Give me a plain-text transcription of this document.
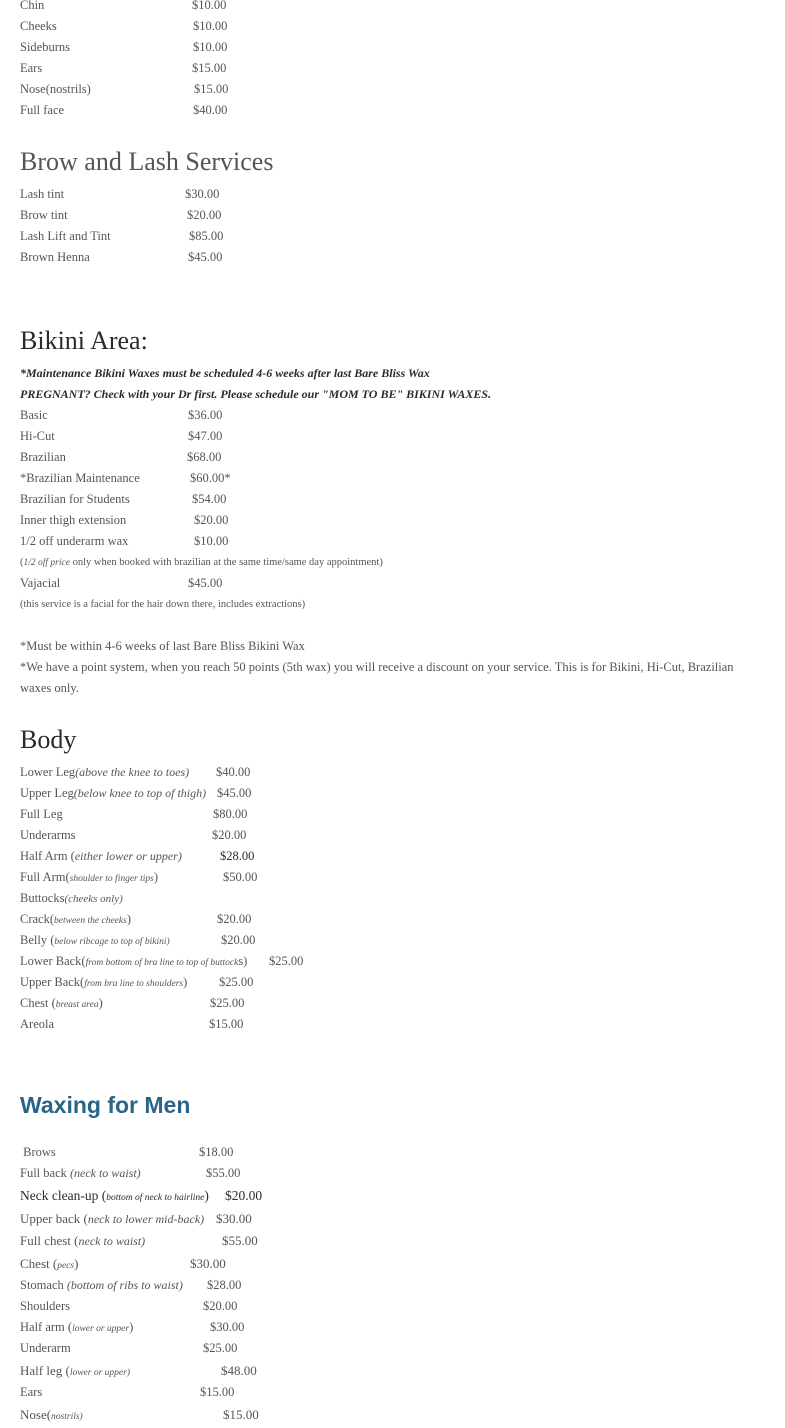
Chin	$10.00
Cheeks	$10.00
Sideburns	$10.00
Ears	$15.00
Nose(nostrils)	$15.00
Full face	$40.00
Brow and Lash Services
Lash tint	$30.00
Brow tint	$20.00
Lash Lift and Tint	$85.00
Brown Henna	$45.00
Bikini Area:
*Maintenance Bikini Waxes must be scheduled 4-6 weeks after last Bare Bliss Wax
PREGNANT? Check with your Dr first. Please schedule our "MOM TO BE" BIKINI WAXES.
Basic	$36.00
Hi-Cut	$47.00
Brazilian	$68.00
*Brazilian Maintenance	$60.00*
Brazilian for Students	$54.00
Inner thigh extension	$20.00
1/2 off underarm wax	$10.00
(1/2 off price only when booked with brazilian at the same time/same day appointment)
Vajacial	$45.00
(this service is a facial for the hair down there, includes extractions)
*Must be within 4-6 weeks of last Bare Bliss Bikini Wax
*We have a point system, when you reach 50 points (5th wax) you will receive a discount on your service. This is for Bikini, Hi-Cut, Brazilian waxes only.
Body
Lower Leg(above the knee to toes) $40.00
Upper Leg(below knee to top of thigh) $45.00
Full Leg	$80.00
Underarms	$20.00
Half Arm (either lower or upper)	$28.00
Full Arm(shoulder to finger tips)	$50.00
Buttocks(cheeks only)
Crack(between the cheeks)	$20.00
Belly (below ribcage to top of bikini)	$20.00
Lower Back(from bottom of bra line to top of buttocks) $25.00
Upper Back(from bra line to shoulders)	$25.00
Chest (breast area)	$25.00
Areola	$15.00
Waxing for Men
Brows	$18.00
Full back (neck to waist)	$55.00
Neck clean-up (bottom of neck to hairline) $20.00
Upper back (neck to lower mid-back) $30.00
Full chest (neck to waist)	$55.00
Chest (pecs)	$30.00
Stomach (bottom of ribs to waist) $28.00
Shoulders	$20.00
Half arm (lower or upper)	$30.00
Underarm	$25.00
Half leg (lower or upper)	$48.00
Ears	$15.00
Nose(nostrils)	$15.00
